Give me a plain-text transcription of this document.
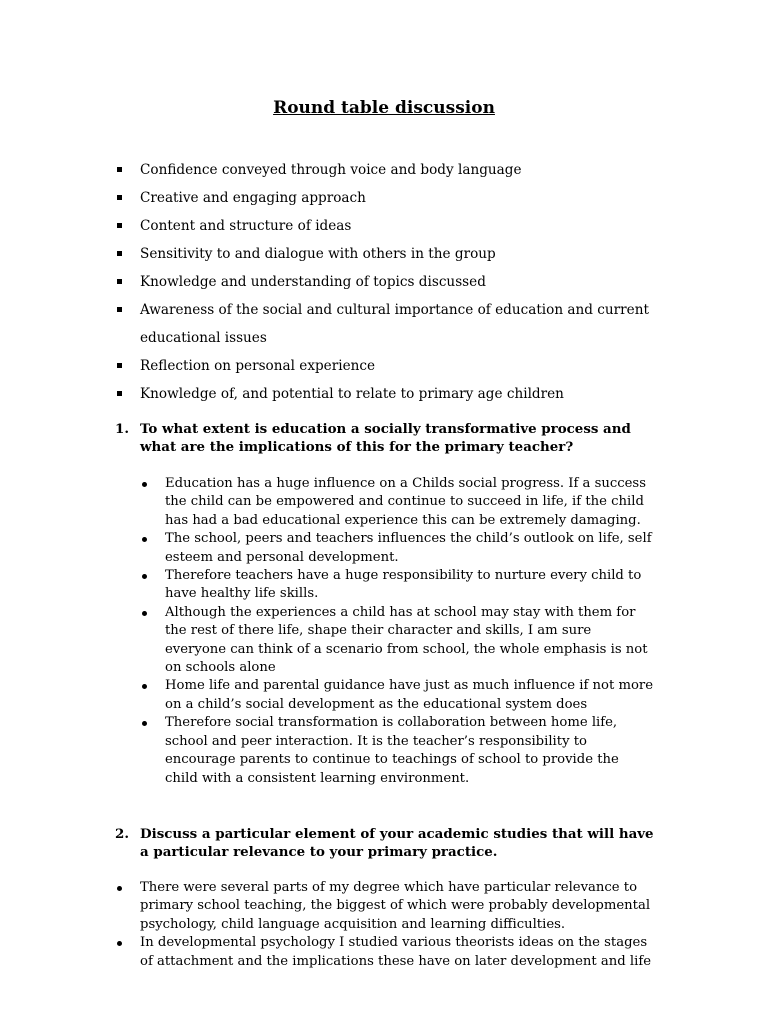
Round table discussion
Confidence conveyed through voice and body language
Creative and engaging approach
Content and structure of ideas
Sensitivity to and dialogue with others in the group
Knowledge and understanding of topics discussed
Awareness of the social and cultural importance of education and current educational issues
Reflection on personal experience
Knowledge of, and potential to relate to primary age children
1. To what extent is education a socially transformative process and what are the implications of this for the primary teacher?
Education has a huge influence on a Childs social progress. If a success the child can be empowered and continue to succeed in life, if the child has had a bad educational experience this can be extremely damaging.
The school, peers and teachers influences the child’s outlook on life, self esteem and personal development.
Therefore teachers have a huge responsibility to nurture every child to have healthy life skills.
Although the experiences a child has at school may stay with them for the rest of there life, shape their character and skills, I am sure everyone can think of a scenario from school, the whole emphasis is not on schools alone
Home life and parental guidance have just as much influence if not more on a child’s social development as the educational system does
Therefore social transformation is collaboration between home life, school and peer interaction. It is the teacher’s responsibility to encourage parents to continue to teachings of school to provide the child with a consistent learning environment.
2. Discuss a particular element of your academic studies that will have a particular relevance to your primary practice.
There were several parts of my degree which have particular relevance to primary school teaching, the biggest of which were probably developmental psychology, child language acquisition and learning difficulties.
In developmental psychology I studied various theorists ideas on the stages of attachment and the implications these have on later development and life
